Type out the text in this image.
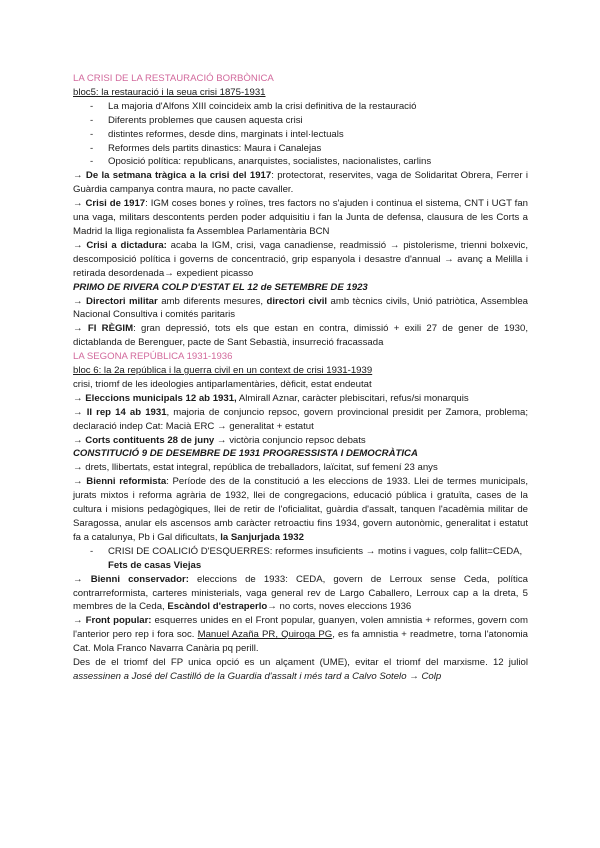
LA CRISI DE LA RESTAURACIÓ BORBÒNICA

bloc5: la restauració i la seua crisi 1875-1931

- La majoria d'Alfons XIII coincideix amb la crisi definitiva de la restauració
- Diferents problemes que causen aquesta crisi
- distintes reformes, desde dins, marginats i intel·lectuals
- Reformes dels partits dinastics: Maura i Canalejas
- Oposició política: republicans, anarquistes, socialistes, nacionalistes, carlins

→ De la setmana tràgica a la crisi del 1917: protectorat, reservites, vaga de Solidaritat Obrera, Ferrer i Guàrdia campanya contra maura, no pacte cavaller.

→ Crisi de 1917: IGM coses bones y roïnes, tres factors no s'ajuden i continua el sistema, CNT i UGT fan una vaga, militars descontents perden poder adquisitiu i fan la Junta de defensa, clausura de les Corts a Madrid la lliga regionalista fa Assemblea Parlamentària BCN

→ Crisi a dictadura: acaba la IGM, crisi, vaga canadiense, readmissió → pistolerisme, trienni bolxevic, descomposició política i governs de concentració, grip espanyola i desastre d'annual → avanç a Melilla i retirada desordenada→ expedient picasso

PRIMO DE RIVERA COLP D'ESTAT EL 12 de SETEMBRE DE 1923

→ Directori militar amb diferents mesures, directori civil amb tècnics civils, Unió patriòtica, Assemblea Nacional Consultiva i comités paritaris

→ FI RÈGIM: gran depressió, tots els que estan en contra, dimissió + exili 27 de gener de 1930, dictablanda de Berenguer, pacte de Sant Sebastià, insurreció fracassada

LA SEGONA REPÚBLICA 1931-1936

bloc 6: la 2a república i la guerra civil en un context de crisi 1931-1939

crisi, triomf de les ideologies antiparlamentàries, dèficit, estat endeutat

→ Eleccions municipals 12 ab 1931, Almirall Aznar, caràcter plebiscitari, refus/si monarquis

→ II rep 14 ab 1931, majoria de conjuncio repsoc, govern provincional presidit per Zamora, problema; declaració indep Cat: Macià ERC → generalitat + estatut

→ Corts contituents 28 de juny → victòria conjuncio repsoc debats

CONSTITUCIÓ 9 DE DESEMBRE DE 1931 PROGRESSISTA I DEMOCRÀTICA

→ drets, llibertats, estat integral, república de treballadors, laïcitat, suf femení 23 anys

→ Bienni reformista: Període des de la constitució a les eleccions de 1933. Llei de termes municipals, jurats mixtos i reforma agrària de 1932, llei de congregacions, educació pública i gratuïta, cases de la cultura i misions pedagògiques, llei de retir de l'oficialitat, guàrdia d'assalt, tanquen l'acadèmia militar de Saragossa, anular els ascensos amb caràcter retroactiu fins 1934, govern autonòmic, generalitat i estatut fa a catalunya, Pb i Gal dificultats, la Sanjurjada 1932

- CRISI DE COALICIÓ D'ESQUERRES: reformes insuficients → motins i vagues, colp fallit=CEDA, Fets de casas Viejas

→ Bienni conservador: eleccions de 1933: CEDA, govern de Lerroux sense Ceda, política contrarreformista, carteres ministerials, vaga general rev de Largo Caballero, Lerroux cap a la dreta, 5 membres de la Ceda, Escàndol d'estraperlo→ no corts, noves eleccions 1936

→ Front popular: esquerres unides en el Front popular, guanyen, volen amnistia + reformes, govern com l'anterior pero rep i fora soc. Manuel Azaña PR, Quiroga PG, es fa amnistia + readmetre, torna l'atonomia Cat. Mola Franco Navarra Canària pq perill.

Des de el triomf del FP unica opció es un alçament (UME), evitar el triomf del marxisme. 12 juliol assessinen a José del Castilló de la Guardia d'assalt i més tard a Calvo Sotelo → Colp
